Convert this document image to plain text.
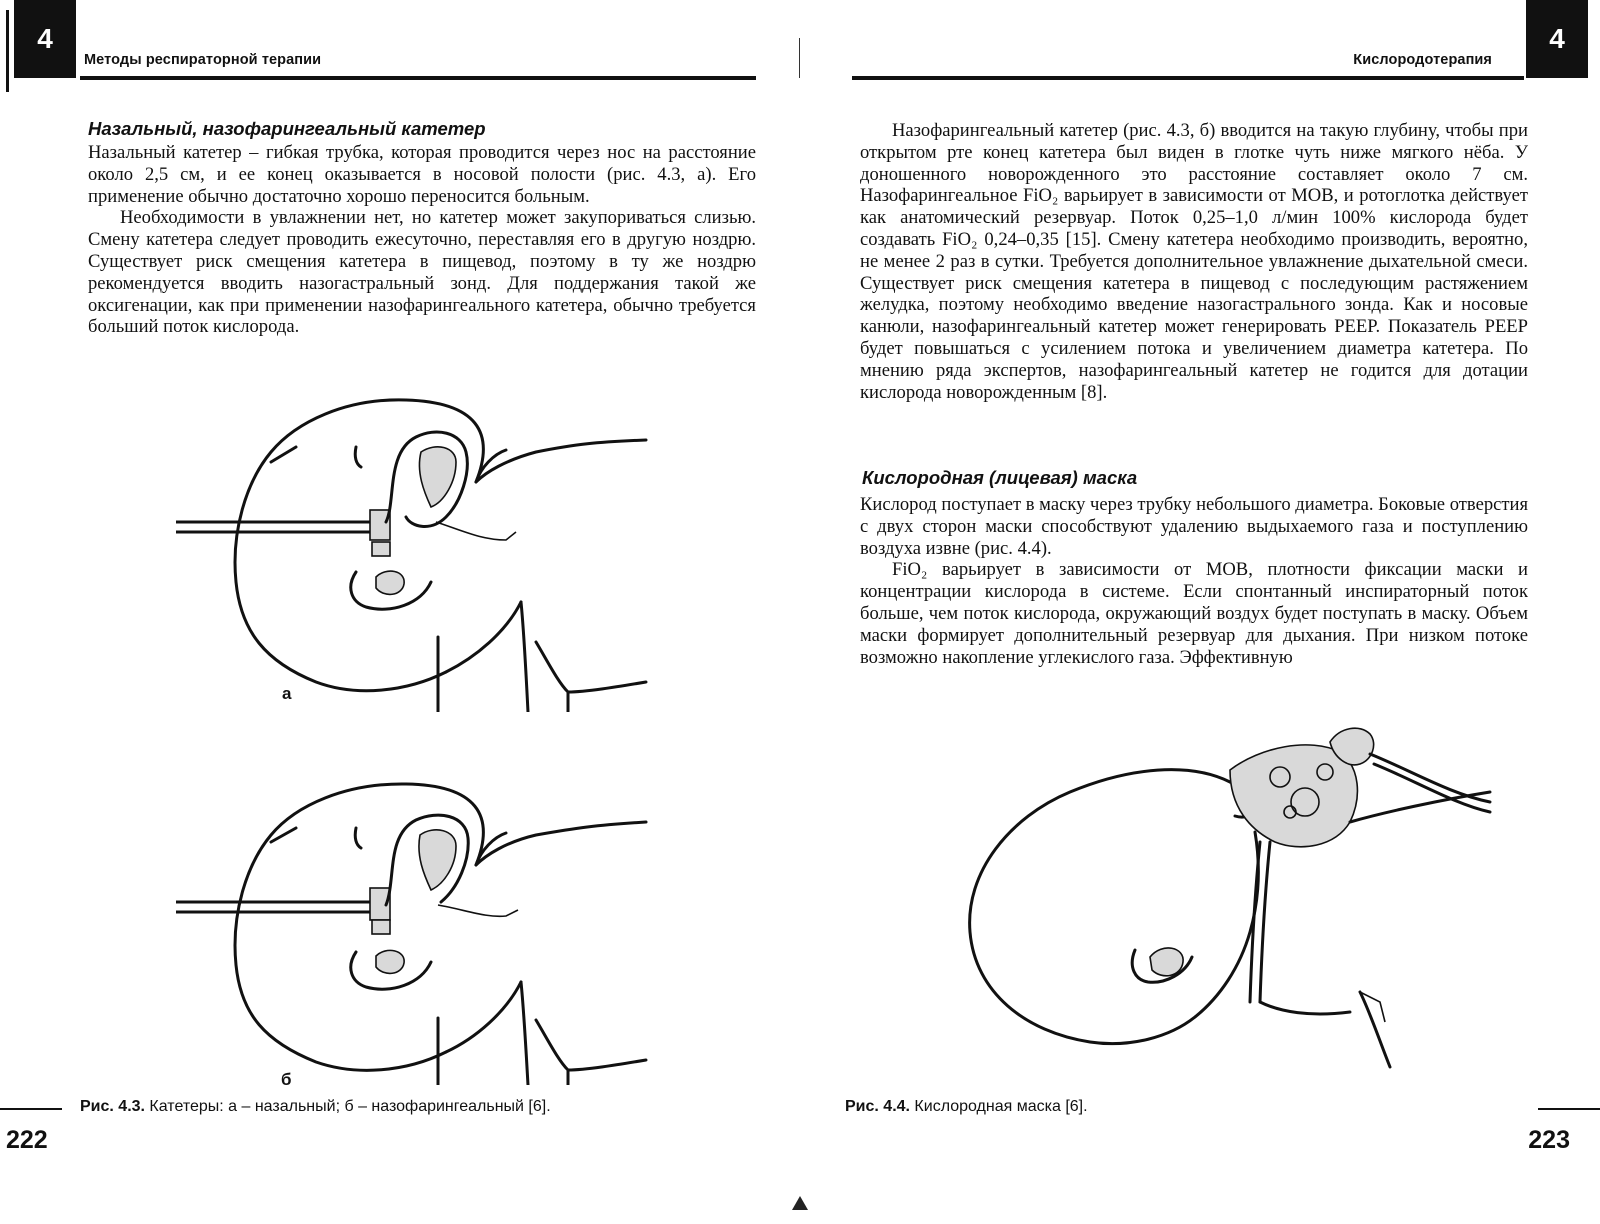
4
Методы респираторной терапии
Назальный, назофарингеальный катетер

Назальный катетер – гибкая трубка, которая проводится через нос на расстояние около 2,5 см, и ее конец оказывается в носовой полости (рис. 4.3, а). Его применение обычно достаточно хорошо переносится больным.

Необходимости в увлажнении нет, но катетер может закупориваться слизью. Смену катетера следует проводить ежесуточно, переставляя его в другую ноздрю. Существует риск смещения катетера в пищевод, поэтому в ту же ноздрю рекомендуется вводить назогастральный зонд. Для поддержания такой же оксигенации, как при применении назофарингеального катетера, обычно требуется больший поток кислорода.

а
б
Рис. 4.3. Катетеры: а – назальный; б – назофарингеальный [6].
222
4
Кислородотерапия

Назофарингеальный катетер (рис. 4.3, б) вводится на такую глубину, чтобы при открытом рте конец катетера был виден в глотке чуть ниже мягкого нёба. У доношенного новорожденного это расстояние составляет около 7 см. Назофарингеальное FiO₂ варьирует в зависимости от МОВ, и ротоглотка действует как анатомический резервуар. Поток 0,25–1,0 л/мин 100% кислорода будет создавать FiO₂ 0,24–0,35 [15]. Смену катетера необходимо производить, вероятно, не менее 2 раз в сутки. Требуется дополнительное увлажнение дыхательной смеси. Существует риск смещения катетера в пищевод с последующим растяжением желудка, поэтому необходимо введение назогастрального зонда. Как и носовые канюли, назофарингеальный катетер может генерировать PEEP. Показатель PEEP будет повышаться с усилением потока и увеличением диаметра катетера. По мнению ряда экспертов, назофарингеальный катетер не годится для дотации кислорода новорожденным [8].

Кислородная (лицевая) маска

Кислород поступает в маску через трубку небольшого диаметра. Боковые отверстия с двух сторон маски способствуют удалению выдыхаемого газа и поступлению воздуха извне (рис. 4.4).

FiO₂ варьирует в зависимости от МОВ, плотности фиксации маски и концентрации кислорода в системе. Если спонтанный инспираторный поток больше, чем поток кислорода, окружающий воздух будет поступать в маску. Объем маски формирует дополнительный резервуар для дыхания. При низком потоке возможно накопление углекислого газа. Эффективную

Рис. 4.4. Кислородная маска [6].
223
